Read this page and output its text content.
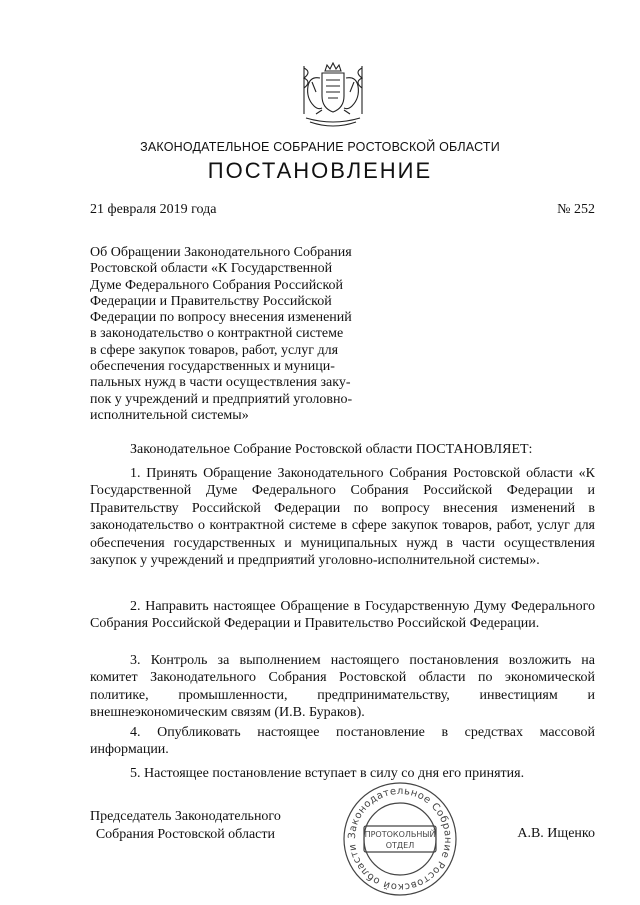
ЗАКОНОДАТЕЛЬНОЕ СОБРАНИЕ РОСТОВСКОЙ ОБЛАСТИ
ПОСТАНОВЛЕНИЕ
21 февраля 2019 года	№ 252
Об Обращении Законодательного Собрания
Ростовской области «К Государственной
Думе Федерального Собрания Российской
Федерации и Правительству Российской
Федерации по вопросу внесения изменений
в законодательство о контрактной системе
в сфере закупок товаров, работ, услуг для
обеспечения государственных и муници-
пальных нужд в части осуществления заку-
пок у учреждений и предприятий уголовно-
исполнительной системы»
Законодательное Собрание Ростовской области ПОСТАНОВЛЯЕТ:

1. Принять Обращение Законодательного Собрания Ростовской области «К Государственной Думе Федерального Собрания Российской Федерации и Правительству Российской Федерации по вопросу внесения изменений в законодательство о контрактной системе в сфере закупок товаров, работ, услуг для обеспечения государственных и муниципальных нужд в части осуществления закупок у учреждений и предприятий уголовно-исполнительной системы».

2. Направить настоящее Обращение в Государственную Думу Федерального Собрания Российской Федерации и Правительство Российской Федерации.

3. Контроль за выполнением настоящего постановления возложить на комитет Законодательного Собрания Ростовской области по экономической политике, промышленности, предпринимательству, инвестициям и внешнеэкономическим связям (И.В. Бураков).

4. Опубликовать настоящее постановление в средствах массовой информации.

5. Настоящее постановление вступает в силу со дня его принятия.

Председатель Законодательного
Собрания Ростовской области	А.В. Ищенко
Законодательное Собрание Ростовской области
ПРОТОКОЛЬНЫЙ
ОТДЕЛ
